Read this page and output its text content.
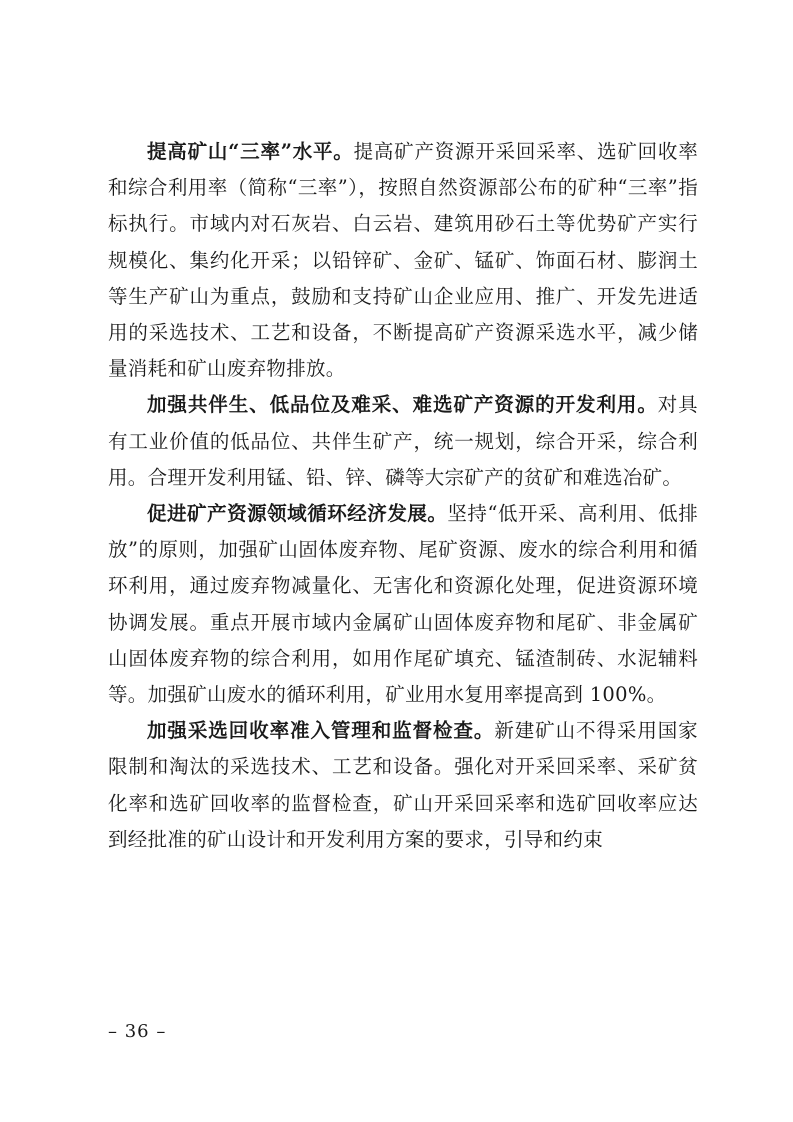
提高矿山“三率”水平。提高矿产资源开采回采率、选矿回收率和综合利用率（简称“三率”），按照自然资源部公布的矿种“三率”指标执行。市域内对石灰岩、白云岩、建筑用砂石土等优势矿产实行规模化、集约化开采；以铅锌矿、金矿、锰矿、饰面石材、膨润土等生产矿山为重点，鼓励和支持矿山企业应用、推广、开发先进适用的采选技术、工艺和设备，不断提高矿产资源采选水平，减少储量消耗和矿山废弃物排放。

加强共伴生、低品位及难采、难选矿产资源的开发利用。对具有工业价值的低品位、共伴生矿产，统一规划，综合开采，综合利用。合理开发利用锰、铅、锌、磷等大宗矿产的贫矿和难选冶矿。

促进矿产资源领域循环经济发展。坚持“低开采、高利用、低排放”的原则，加强矿山固体废弃物、尾矿资源、废水的综合利用和循环利用，通过废弃物减量化、无害化和资源化处理，促进资源环境协调发展。重点开展市域内金属矿山固体废弃物和尾矿、非金属矿山固体废弃物的综合利用，如用作尾矿填充、锰渣制砖、水泥辅料等。加强矿山废水的循环利用，矿业用水复用率提高到 100%。

加强采选回收率准入管理和监督检查。新建矿山不得采用国家限制和淘汰的采选技术、工艺和设备。强化对开采回采率、采矿贫化率和选矿回收率的监督检查，矿山开采回采率和选矿回收率应达到经批准的矿山设计和开发利用方案的要求，引导和约束

– 36 –
